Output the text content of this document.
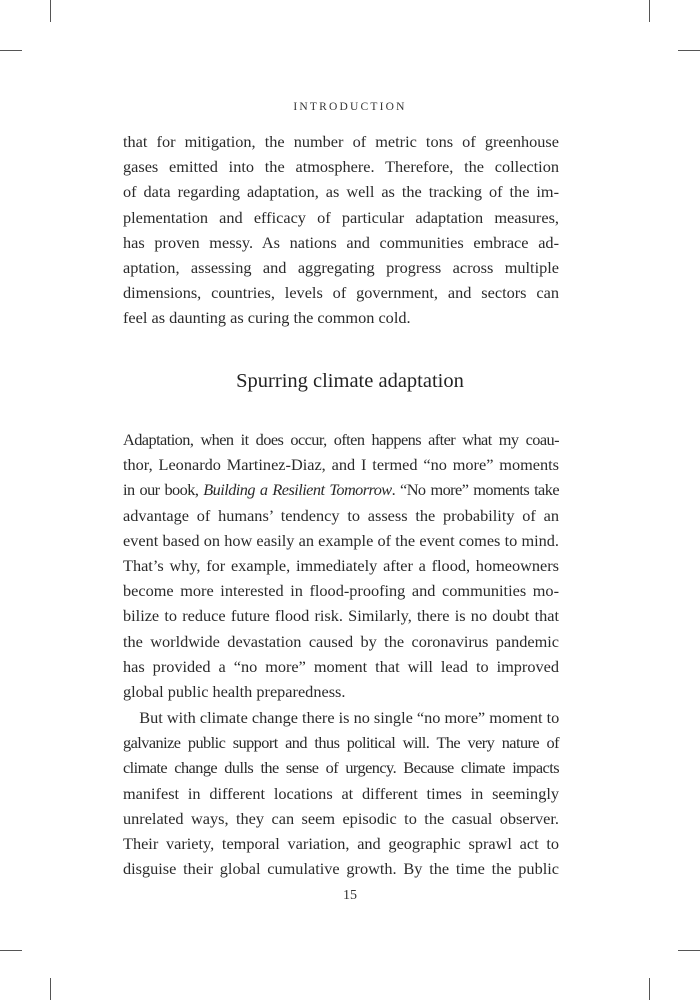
INTRODUCTION
that for mitigation, the number of metric tons of greenhouse
gases emitted into the atmosphere. Therefore, the collection
of data regarding adaptation, as well as the tracking of the im-
plementation and efficacy of particular adaptation measures,
has proven messy. As nations and communities embrace ad-
aptation, assessing and aggregating progress across multiple
dimensions, countries, levels of government, and sectors can
feel as daunting as curing the common cold.
Spurring climate adaptation
Adaptation, when it does occur, often happens after what my coau-
thor, Leonardo Martinez-Diaz, and I termed “no more” moments
in our book, Building a Resilient Tomorrow. “No more” moments take
advantage of humans’ tendency to assess the probability of an
event based on how easily an example of the event comes to mind.
That’s why, for example, immediately after a flood, homeowners
become more interested in flood-proofing and communities mo-
bilize to reduce future flood risk. Similarly, there is no doubt that
the worldwide devastation caused by the coronavirus pandemic
has provided a “no more” moment that will lead to improved
global public health preparedness.
But with climate change there is no single “no more” moment to
galvanize public support and thus political will. The very nature of
climate change dulls the sense of urgency. Because climate impacts
manifest in different locations at different times in seemingly
unrelated ways, they can seem episodic to the casual observer.
Their variety, temporal variation, and geographic sprawl act to
disguise their global cumulative growth. By the time the public
15
